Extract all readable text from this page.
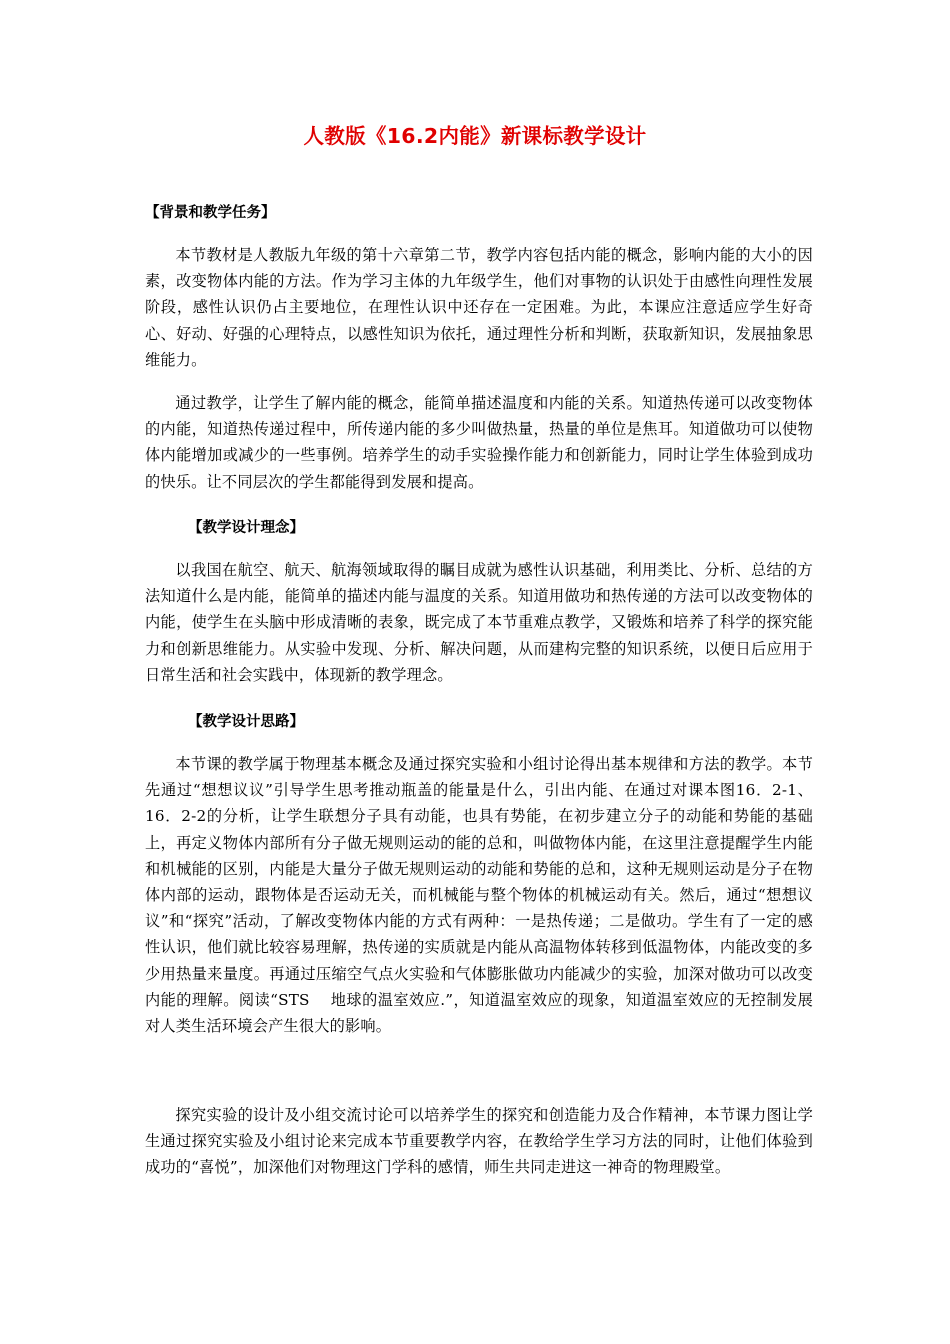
人教版《16.2内能》新课标教学设计
【背景和教学任务】

本节教材是人教版九年级的第十六章第二节，教学内容包括内能的概念，影响内能的大小的因素，改变物体内能的方法。作为学习主体的九年级学生，他们对事物的认识处于由感性向理性发展阶段，感性认识仍占主要地位，在理性认识中还存在一定困难。为此，本课应注意适应学生好奇心、好动、好强的心理特点，以感性知识为依托，通过理性分析和判断，获取新知识，发展抽象思维能力。

通过教学，让学生了解内能的概念，能简单描述温度和内能的关系。知道热传递可以改变物体的内能，知道热传递过程中，所传递内能的多少叫做热量，热量的单位是焦耳。知道做功可以使物体内能增加或减少的一些事例。培养学生的动手实验操作能力和创新能力，同时让学生体验到成功的快乐。让不同层次的学生都能得到发展和提高。

【教学设计理念】

以我国在航空、航天、航海领域取得的瞩目成就为感性认识基础，利用类比、分析、总结的方法知道什么是内能，能简单的描述内能与温度的关系。知道用做功和热传递的方法可以改变物体的内能，使学生在头脑中形成清晰的表象，既完成了本节重难点教学，又锻炼和培养了科学的探究能力和创新思维能力。从实验中发现、分析、解决问题，从而建构完整的知识系统，以便日后应用于日常生活和社会实践中，体现新的教学理念。

【教学设计思路】

本节课的教学属于物理基本概念及通过探究实验和小组讨论得出基本规律和方法的教学。本节先通过“想想议议”引导学生思考推动瓶盖的能量是什么，引出内能、在通过对课本图16．2-1、16．2-2的分析，让学生联想分子具有动能，也具有势能，在初步建立分子的动能和势能的基础上，再定义物体内部所有分子做无规则运动的能的总和，叫做物体内能，在这里注意提醒学生内能和机械能的区别，内能是大量分子做无规则运动的动能和势能的总和，这种无规则运动是分子在物体内部的运动，跟物体是否运动无关，而机械能与整个物体的机械运动有关。然后，通过“想想议议”和“探究”活动，了解改变物体内能的方式有两种：一是热传递；二是做功。学生有了一定的感性认识，他们就比较容易理解，热传递的实质就是内能从高温物体转移到低温物体，内能改变的多少用热量来量度。再通过压缩空气点火实验和气体膨胀做功内能减少的实验，加深对做功可以改变内能的理解。阅读“STS　 地球的温室效应.”，知道温室效应的现象，知道温室效应的无控制发展对人类生活环境会产生很大的影响。

探究实验的设计及小组交流讨论可以培养学生的探究和创造能力及合作精神，本节课力图让学生通过探究实验及小组讨论来完成本节重要教学内容，在教给学生学习方法的同时，让他们体验到成功的“喜悦”，加深他们对物理这门学科的感情，师生共同走进这一神奇的物理殿堂。
